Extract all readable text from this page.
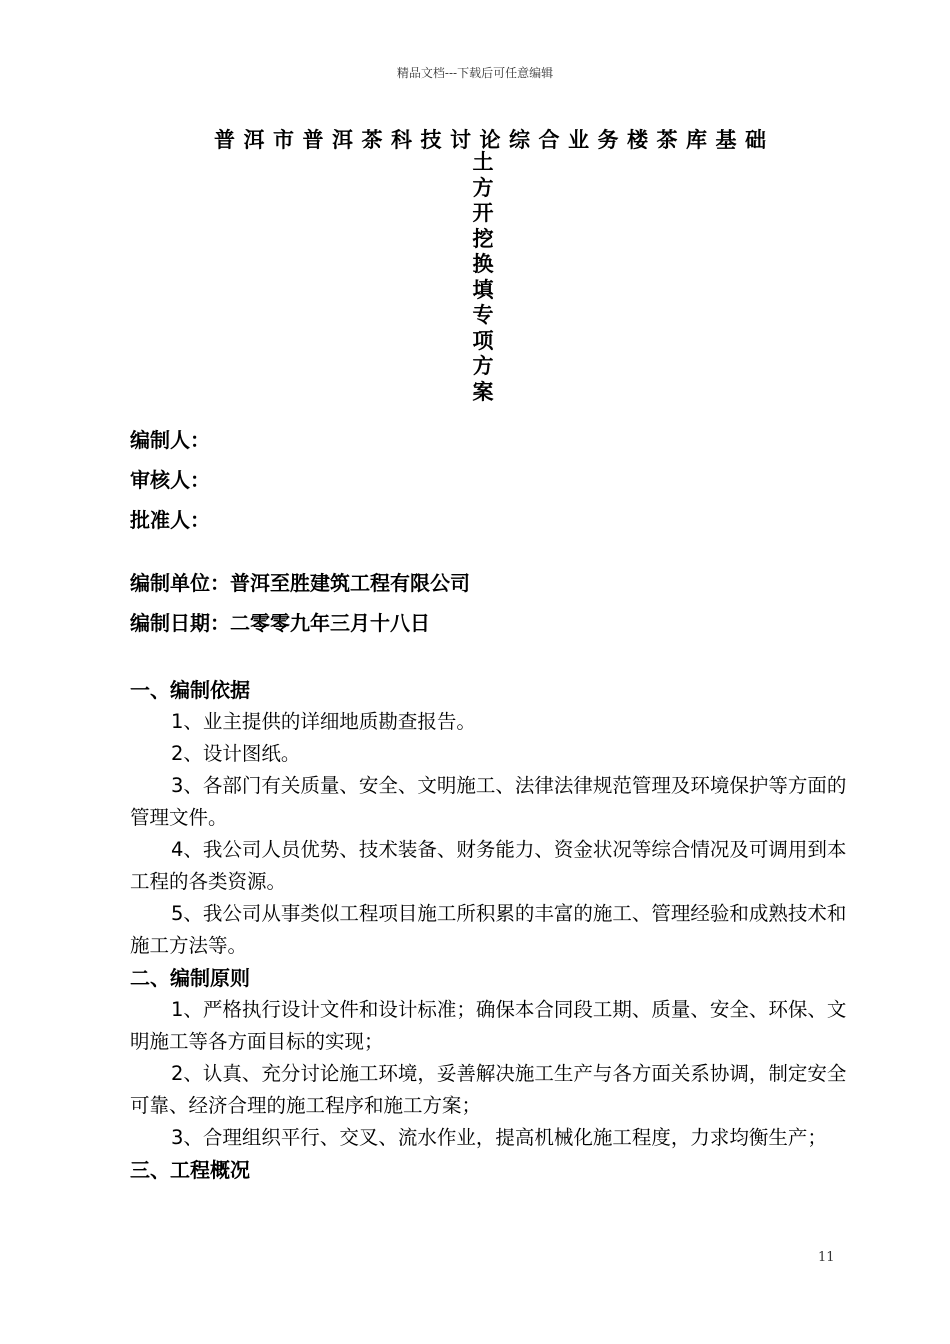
精品文档---下载后可任意编辑
普洱市普洱茶科技讨论综合业务楼茶库基础
土
方
开
挖
换
填
专
项
方
案
编制人：
审核人：
批准人：
编制单位：普洱至胜建筑工程有限公司
编制日期：二零零九年三月十八日

一、编制依据

1、业主提供的详细地质勘查报告。

2、设计图纸。

3、各部门有关质量、安全、文明施工、法律法律规范管理及环境保护等方面的管理文件。

4、我公司人员优势、技术装备、财务能力、资金状况等综合情况及可调用到本工程的各类资源。

5、我公司从事类似工程项目施工所积累的丰富的施工、管理经验和成熟技术和施工方法等。

二、编制原则

1、严格执行设计文件和设计标准；确保本合同段工期、质量、安全、环保、文明施工等各方面目标的实现；

2、认真、充分讨论施工环境，妥善解决施工生产与各方面关系协调，制定安全可靠、经济合理的施工程序和施工方案；

3、合理组织平行、交叉、流水作业，提高机械化施工程度，力求均衡生产；

三、工程概况

11
